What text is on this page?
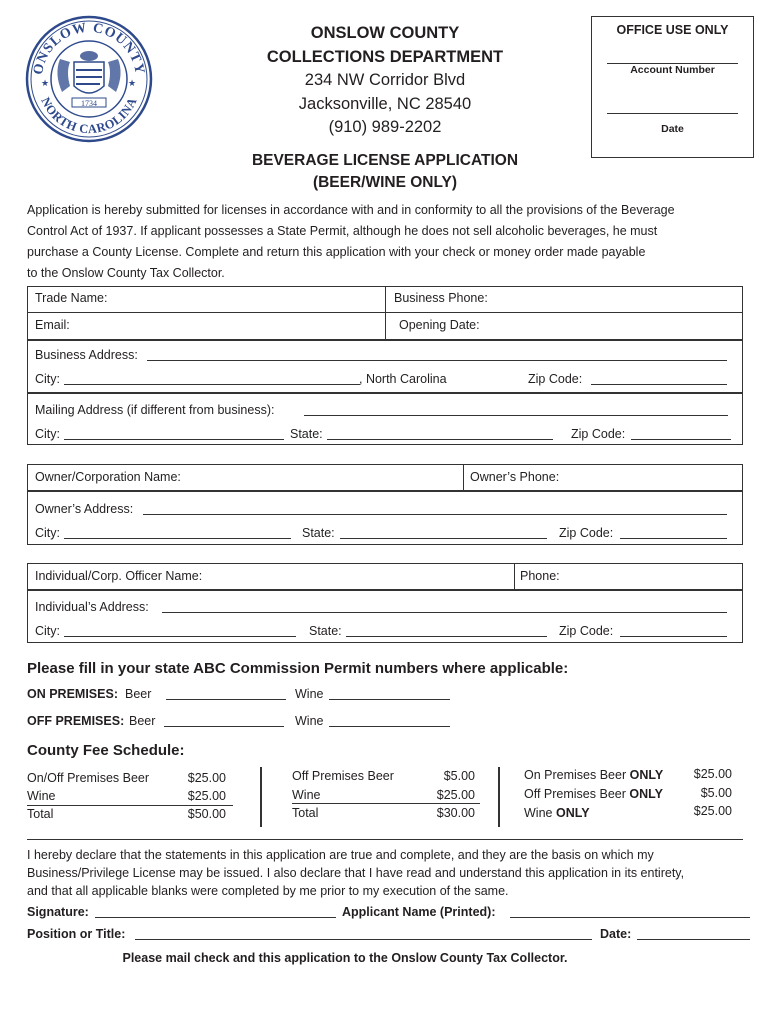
ONSLOW COUNTY
NORTH CAROLINA
1734
★	★
ONSLOW COUNTY
COLLECTIONS DEPARTMENT
234 NW Corridor Blvd
Jacksonville, NC 28540
(910) 989-2202
OFFICE USE ONLY
Account Number
Date
BEVERAGE LICENSE APPLICATION
(BEER/WINE ONLY)
Application is hereby submitted for licenses in accordance with and in conformity to all the provisions of the Beverage
Control Act of 1937. If applicant possesses a State Permit, although he does not sell alcoholic beverages, he must
purchase a County License. Complete and return this application with your check or money order made payable
to the Onslow County Tax Collector.
Trade Name:	Business Phone:
Email:	Opening Date:
Business Address:
City:	, North Carolina	Zip Code:
Mailing Address (if different from business):
City:	State:	Zip Code:
Owner/Corporation Name:	Owner’s Phone:
Owner’s Address:
City:	State:	Zip Code:
Individual/Corp. Officer Name:	Phone:
Individual’s Address:
City:	State:	Zip Code:
Please fill in your state ABC Commission Permit numbers where applicable:
ON PREMISES: Beer	Wine
OFF PREMISES: Beer	Wine
County Fee Schedule:
On/Off Premises Beer	$25.00
Wine	$25.00
Total	$50.00
Off Premises Beer	$5.00
Wine	$25.00
Total	$30.00
On Premises Beer ONLY	$25.00
Off Premises Beer ONLY	$5.00
Wine ONLY	$25.00
I hereby declare that the statements in this application are true and complete, and they are the basis on which my
Business/Privilege License may be issued. I also declare that I have read and understand this application in its entirety,
and that all applicable blanks were completed by me prior to my execution of the same.
Signature:	Applicant Name (Printed):
Position or Title:	Date:
Please mail check and this application to the Onslow County Tax Collector.
